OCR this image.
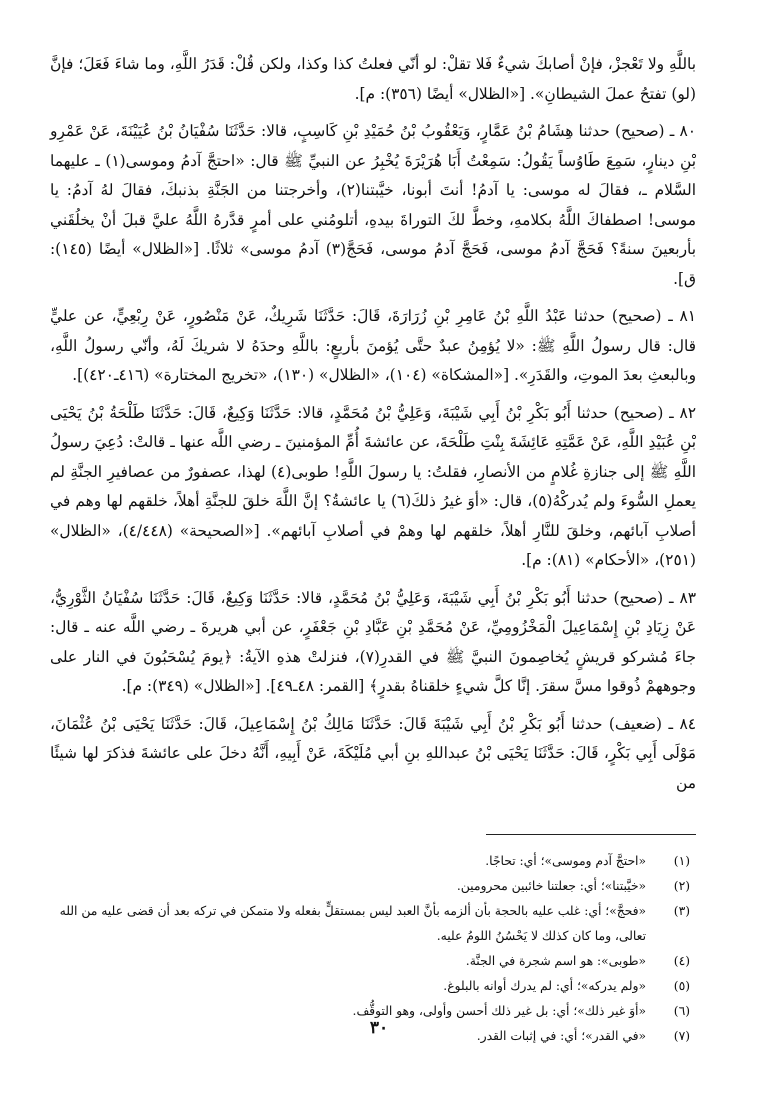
باللَّهِ ولا تَعْجزْ، فإنْ أصابكَ شيءٌ فَلا تقلْ: لو أنّي فعلتُ كذا وكذا، ولكن قُلْ: قَدَرُ اللَّهِ، وما شاءَ فَعَلَ؛ فإنَّ (لو) تفتحُ عملَ الشيطانِ». [«الظلال» أيضًا (٣٥٦): م].

٨٠ ـ (صحيح) حدثنا هِشَامُ بْنُ عَمَّارٍ، وَيَعْقُوبُ بْنُ حُمَيْدِ بْنِ كَاسِبٍ، قالا: حَدَّثَنَا سُفْيَانُ بْنُ عُيَيْنَةَ، عَنْ عَمْرِو بْنِ دينارٍ، سَمِعَ طَاوُساً يَقُولُ: سَمِعْتُ أَبَا هُرَيْرَةَ يُخْبِرُ عن النبيِّ ﷺ قال: «احتجَّ آدمُ وموسى(١) ـ عليهما السَّلام ـ، فقالَ له موسى: يا آدمُ! أنتَ أبونا، خيَّبتنا(٢)، وأخرجتنا من الجَنَّةِ بذنبكَ، فقالَ لهُ آدمُ: يا موسى! اصطفاكَ اللَّهُ بكلامهِ، وخطَّ لكَ التوراةَ بيدهِ، أتلومُني على أمرٍ قدَّرهُ اللَّهُ عليَّ قبلَ أنْ يخلُقَني بأربعينَ سنةً؟ فَحَجَّ آدمُ موسى، فَحَجَّ آدمُ موسى، فَحَجَّ(٣) آدمُ موسى» ثلاثًا. [«الظلال» أيضًا (١٤٥): ق].

٨١ ـ (صحيح) حدثنا عَبْدُ اللَّهِ بْنُ عَامِرِ بْنِ زُرَارَةَ، قَالَ: حَدَّثَنَا شَرِيكٌ، عَنْ مَنْصُورٍ، عَنْ رِبْعِيٍّ، عن عليٍّ قال: قال رسولُ اللَّهِ ﷺ: «لا يُؤمِنُ عبدٌ حتَّى يُؤمنَ بأربعٍ: باللَّهِ وحدَهُ لا شريكَ لَهُ، وأنّي رسولُ اللَّهِ، وبالبعثِ بعدَ الموتِ، والقَدَرِ». [«المشكاة» (١٠٤)، «الظلال» (١٣٠)، «تخريج المختارة» (٤١٦ـ٤٢٠)].

٨٢ ـ (صحيح) حدثنا أَبُو بَكْرِ بْنُ أَبِي شَيْبَةَ، وَعَلِيُّ بْنُ مُحَمَّدٍ، قالا: حَدَّثَنَا وَكِيعٌ، قَالَ: حَدَّثَنَا طَلْحَةُ بْنُ يَحْيَى بْنِ عُبَيْدِ اللَّهِ، عَنْ عَمَّتِهِ عَائِشَةَ بِنْتِ طَلْحَةَ، عن عائشةَ أُمِّ المؤمنينَ ـ رضي اللَّه عنها ـ قالتْ: دُعِيَ رسولُ اللَّهِ ﷺ إلى جنازةِ غُلامٍ من الأنصارِ، فقلتُ: يا رسولَ اللَّهِ! طوبى(٤) لهذا، عصفورٌ من عصافيرِ الجنَّةِ لم يعملِ السُّوءَ ولم يُدركْهُ(٥)، قال: «أوَ غيرُ ذلكَ(٦) يا عائشةُ؟ إنَّ اللَّهَ خلقَ للجنَّةِ أهلاً، خلقهم لها وهم في أصلابِ آبائهم، وخلقَ للنَّارِ أهلاً، خلقهم لها وهمْ في أصلابِ آبائهم». [«الصحيحة» (٤/٤٤٨)، «الظلال» (٢٥١)، «الأحكام» (٨١): م].

٨٣ ـ (صحيح) حدثنا أَبُو بَكْرِ بْنُ أَبِي شَيْبَةَ، وَعَلِيُّ بْنُ مُحَمَّدٍ، قالا: حَدَّثَنَا وَكِيعٌ، قَالَ: حَدَّثَنَا سُفْيَانُ الثَّوْرِيُّ، عَنْ زِيَادِ بْنِ إِسْمَاعِيلَ الْمَخْزُومِيِّ، عَنْ مُحَمَّدِ بْنِ عَبَّادِ بْنِ جَعْفَرٍ، عن أبي هريرةَ ـ رضي اللَّه عنه ـ قال: جاءَ مُشركو قريشٍ يُخاصِمونَ النبيَّ ﷺ في القدرِ(٧)، فنزلتْ هذهِ الآيةُ: ﴿يومَ يُسْحَبُونَ في النار على وجوههمْ ذُوقوا مسَّ سقرَ. إنَّا كلَّ شيءٍ خلقناهُ بقدرٍ﴾ [القمر: ٤٨ـ٤٩]. [«الظلال» (٣٤٩): م].

٨٤ ـ (ضعيف) حدثنا أَبُو بَكْرِ بْنُ أَبِي شَيْبَةَ قَالَ: حَدَّثَنَا مَالِكُ بْنُ إِسْمَاعِيلَ، قَالَ: حَدَّثَنَا يَحْيَى بْنُ عُثْمَانَ، مَوْلَى أَبِي بَكْرٍ، قَالَ: حَدَّثَنَا يَحْيَى بْنُ عبداللهِ بنِ أبي مُلَيْكَةَ، عَنْ أَبِيهِ، أَنَّهُ دخلَ على عائشةَ فذكرَ لها شيئًا من

(١)
«احتجَّ آدم وموسى»؛ أي: تحاجًا.
(٢)
«خيَّبتنا»؛ أي: جعلتنا خائبين محرومين.
(٣)
«فحجَّ»؛ أي: غلب عليه بالحجة بأن ألزمه بأنَّ العبد ليس بمستقلٍّ بفعله ولا متمكن في تركه بعد أن قضى عليه من الله تعالى، وما كان كذلك لا يَحْسُنُ اللومُ عليه.
(٤)
«طوبى»: هو اسم شجرة في الجنَّة.
(٥)
«ولم يدركه»؛ أي: لم يدرك أوانه بالبلوغ.
(٦)
«أوَ غير ذلك»؛ أي: بل غير ذلك أحسن وأولى، وهو التوقُّف.
(٧)
«في القدر»؛ أي: في إثبات القدر.
٣٠
